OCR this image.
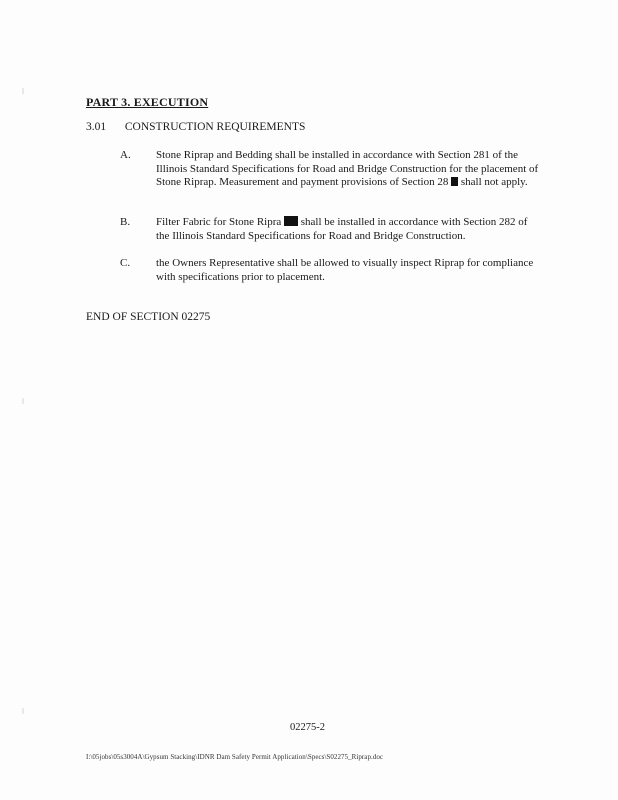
PART 3. EXECUTION
3.01 CONSTRUCTION REQUIREMENTS
A.	Stone Riprap and Bedding shall be installed in accordance with Section 281 of the Illinois Standard Specifications for Road and Bridge Construction for the placement of Stone Riprap. Measurement and payment provisions of Section 28 shall not apply.
B.	Filter Fabric for Stone Ripra shall be installed in accordance with Section 282 of the Illinois Standard Specifications for Road and Bridge Construction.
C.	the Owners Representative shall be allowed to visually inspect Riprap for compliance with specifications prior to placement.
END OF SECTION 02275
02275-2
I:\05jobs\05s3004A\Gypsum Stacking\IDNR Dam Safety Permit Application\Specs\S02275_Riprap.doc
